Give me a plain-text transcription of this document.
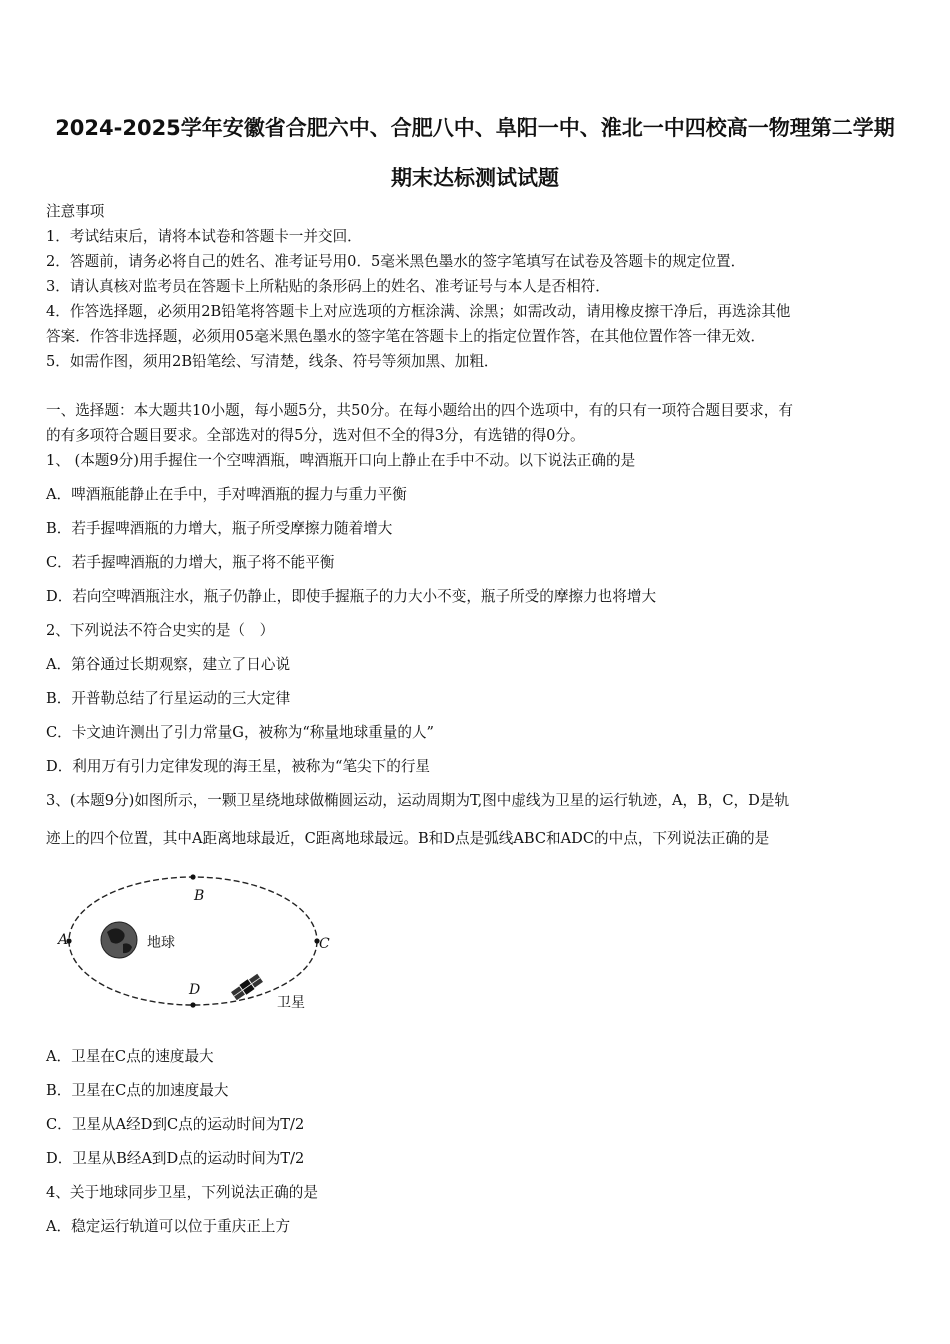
2024-2025学年安徽省合肥六中、合肥八中、阜阳一中、淮北一中四校高一物理第二学期
期末达标测试试题
注意事项
1．考试结束后，请将本试卷和答题卡一并交回．
2．答题前，请务必将自己的姓名、准考证号用0．5毫米黑色墨水的签字笔填写在试卷及答题卡的规定位置．
3．请认真核对监考员在答题卡上所粘贴的条形码上的姓名、准考证号与本人是否相符．
4．作答选择题，必须用2B铅笔将答题卡上对应选项的方框涂满、涂黑；如需改动，请用橡皮擦干净后，再选涂其他
答案．作答非选择题，必须用05毫米黑色墨水的签字笔在答题卡上的指定位置作答，在其他位置作答一律无效．
5．如需作图，须用2B铅笔绘、写清楚，线条、符号等须加黑、加粗．
一、选择题：本大题共10小题，每小题5分，共50分。在每小题给出的四个选项中，有的只有一项符合题目要求，有
的有多项符合题目要求。全部选对的得5分，选对但不全的得3分，有选错的得0分。
1、 (本题9分)用手握住一个空啤酒瓶，啤酒瓶开口向上静止在手中不动。以下说法正确的是
A．啤酒瓶能静止在手中，手对啤酒瓶的握力与重力平衡
B．若手握啤酒瓶的力增大，瓶子所受摩擦力随着增大
C．若手握啤酒瓶的力增大，瓶子将不能平衡
D．若向空啤酒瓶注水，瓶子仍静止，即使手握瓶子的力大小不变，瓶子所受的摩擦力也将增大
2、下列说法不符合史实的是（　）
A．第谷通过长期观察，建立了日心说
B．开普勒总结了行星运动的三大定律
C．卡文迪许测出了引力常量G，被称为“称量地球重量的人”
D．利用万有引力定律发现的海王星，被称为“笔尖下的行星
3、(本题9分)如图所示，一颗卫星绕地球做椭圆运动，运动周期为T,图中虚线为卫星的运行轨迹，A，B，C，D是轨
迹上的四个位置，其中A距离地球最近，C距离地球最远。B和D点是弧线ABC和ADC的中点，下列说法正确的是
A
B
C
D
地球
卫星
A．卫星在C点的速度最大
B．卫星在C点的加速度最大
C．卫星从A经D到C点的运动时间为T/2
D．卫星从B经A到D点的运动时间为T/2
4、关于地球同步卫星，下列说法正确的是
A．稳定运行轨道可以位于重庆正上方
